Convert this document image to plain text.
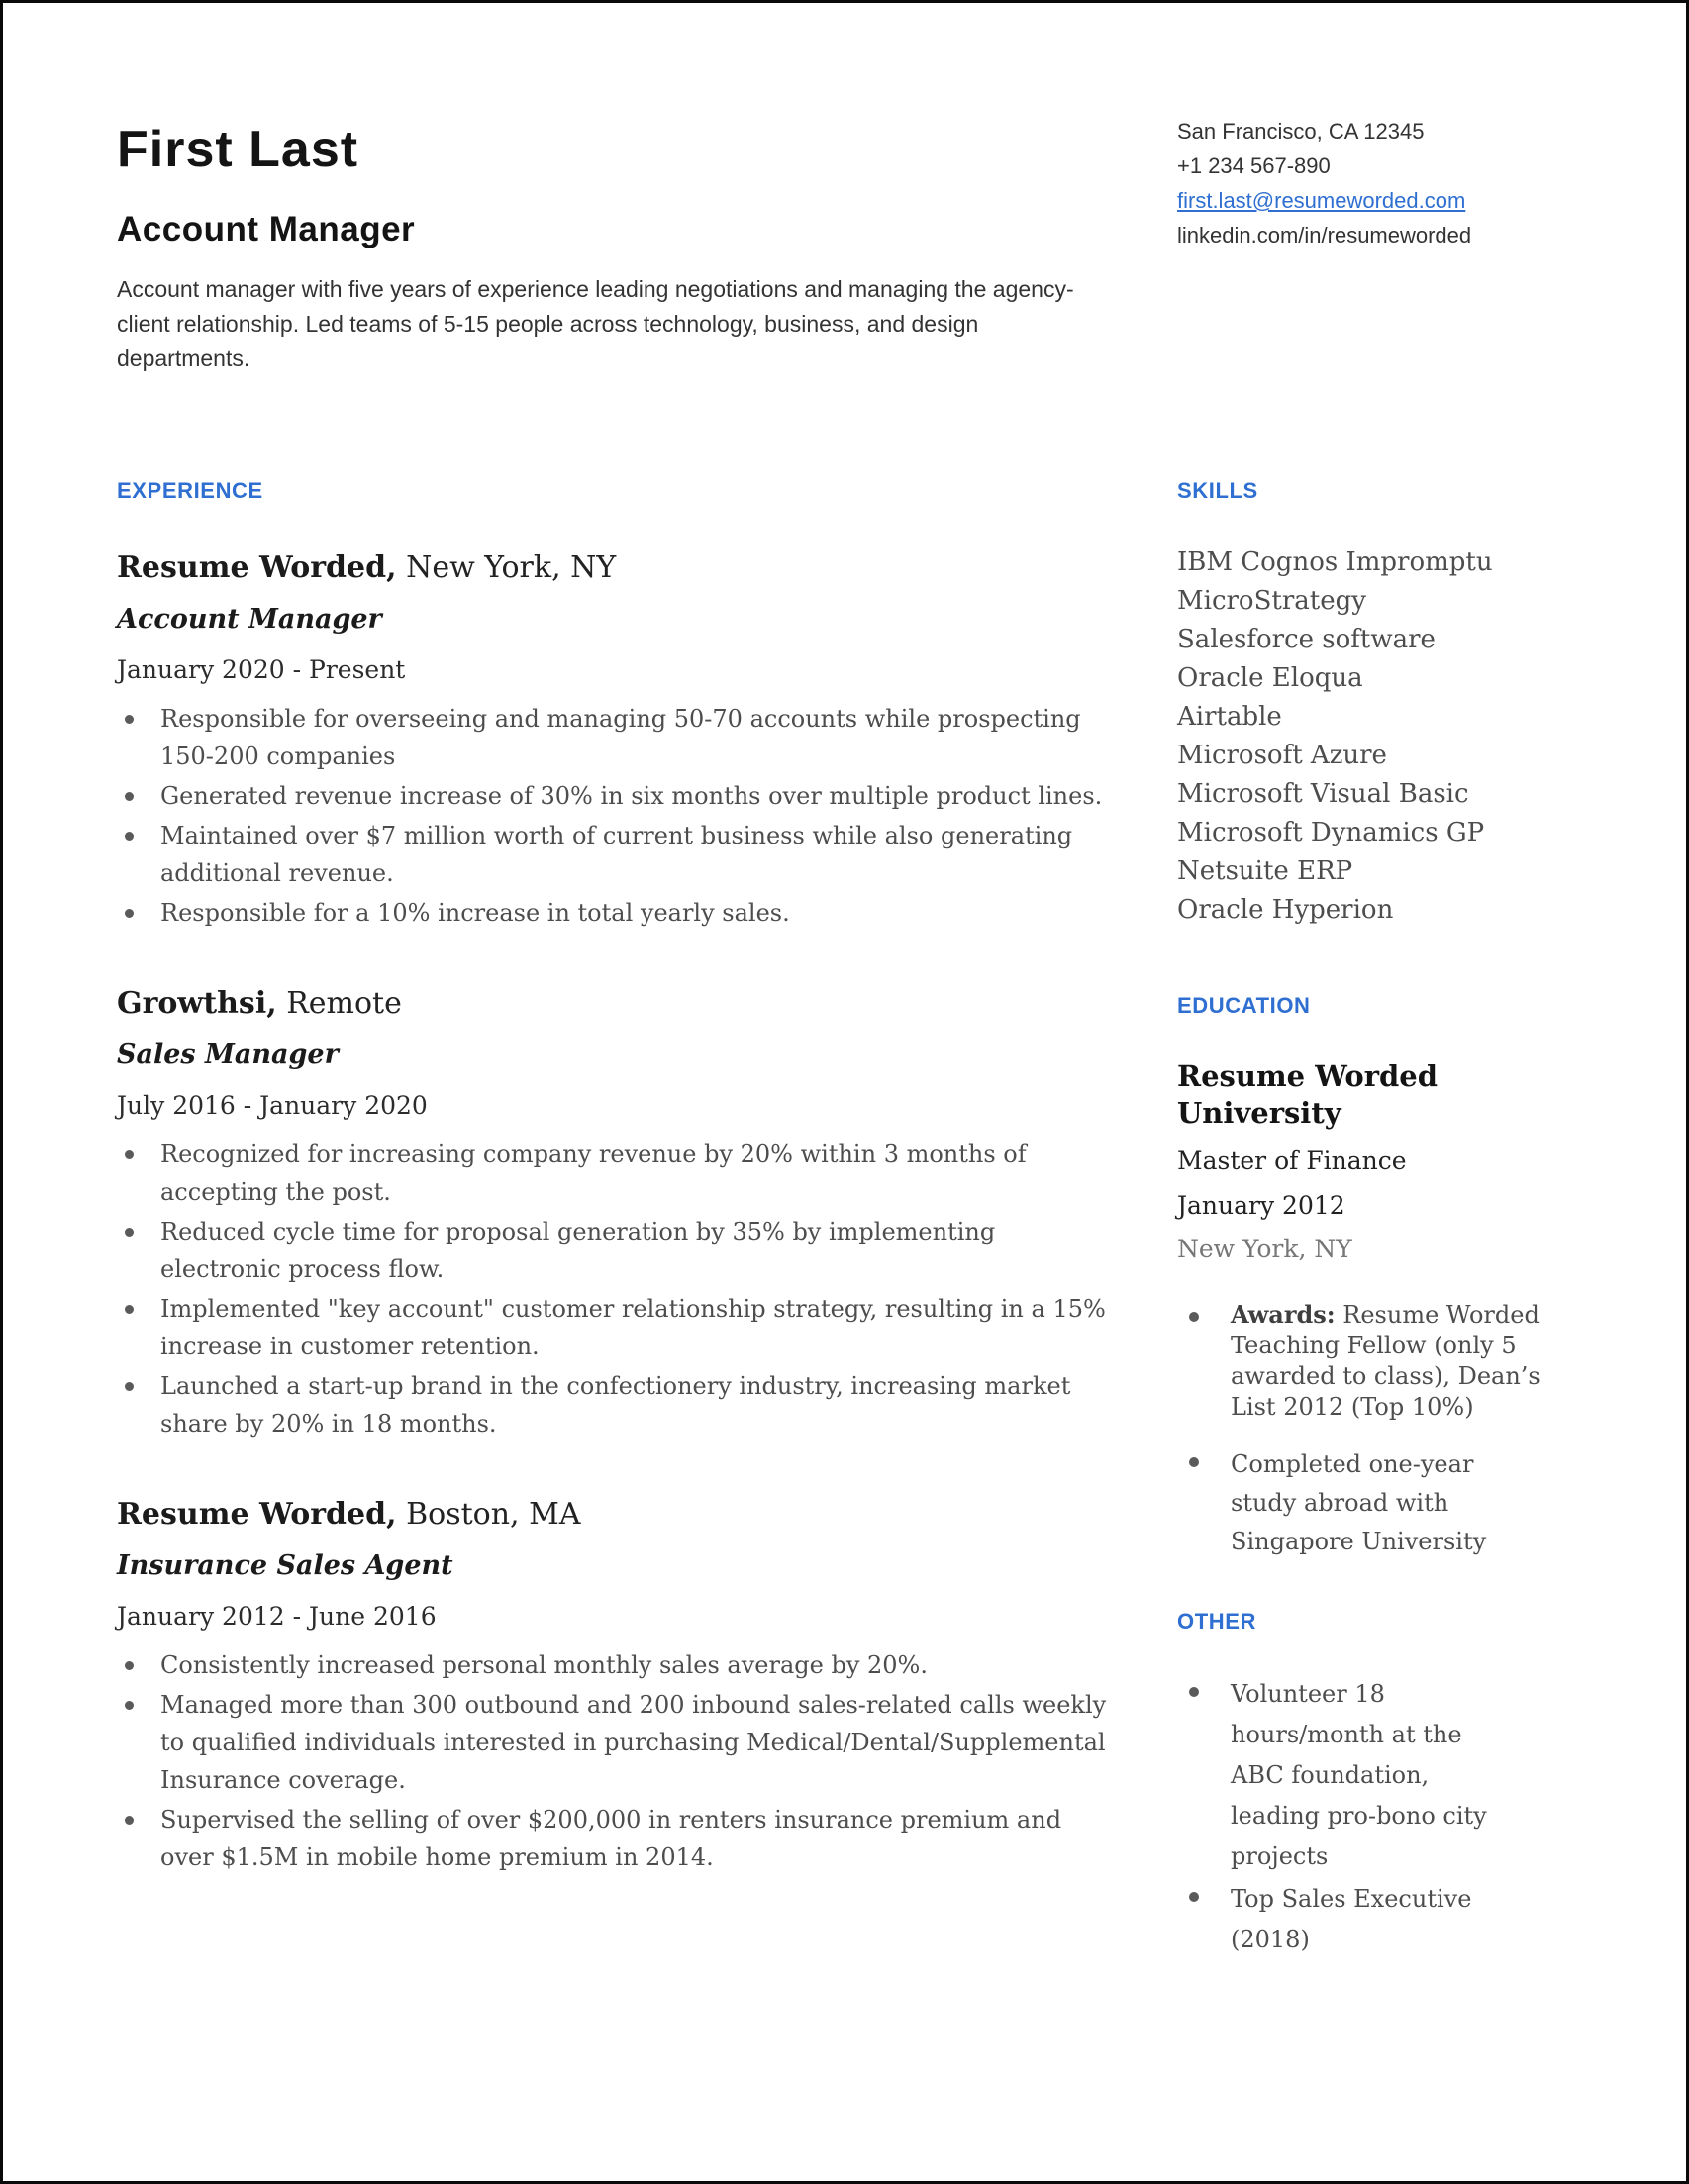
First Last
Account Manager

Account manager with five years of experience leading negotiations and managing the agency-client relationship. Led teams of 5-15 people across technology, business, and design departments.

San Francisco, CA 12345
+1 234 567-890
first.last@resumeworded.com
linkedin.com/in/resumeworded
EXPERIENCE
Resume Worded, New York, NY
Account Manager
January 2020 - Present
Responsible for overseeing and managing 50-70 accounts while prospecting 150-200 companies
Generated revenue increase of 30% in six months over multiple product lines.
Maintained over $7 million worth of current business while also generating additional revenue.
Responsible for a 10% increase in total yearly sales.
Growthsi, Remote
Sales Manager
July 2016 - January 2020
Recognized for increasing company revenue by 20% within 3 months of accepting the post.
Reduced cycle time for proposal generation by 35% by implementing electronic process flow.
Implemented "key account" customer relationship strategy, resulting in a 15% increase in customer retention.
Launched a start-up brand in the confectionery industry, increasing market share by 20% in 18 months.
Resume Worded, Boston, MA
Insurance Sales Agent
January 2012 - June 2016
Consistently increased personal monthly sales average by 20%.
Managed more than 300 outbound and 200 inbound sales-related calls weekly to qualified individuals interested in purchasing Medical/Dental/Supplemental Insurance coverage.
Supervised the selling of over $200,000 in renters insurance premium and over $1.5M in mobile home premium in 2014.
SKILLS
IBM Cognos Impromptu
MicroStrategy
Salesforce software
Oracle Eloqua
Airtable
Microsoft Azure
Microsoft Visual Basic
Microsoft Dynamics GP
Netsuite ERP
Oracle Hyperion
EDUCATION
Resume Worded University
Master of Finance
January 2012
New York, NY
Awards: Resume Worded Teaching Fellow (only 5 awarded to class), Dean’s List 2012 (Top 10%)
Completed one-year study abroad with Singapore University
OTHER
Volunteer 18 hours/month at the ABC foundation, leading pro-bono city projects
Top Sales Executive (2018)
